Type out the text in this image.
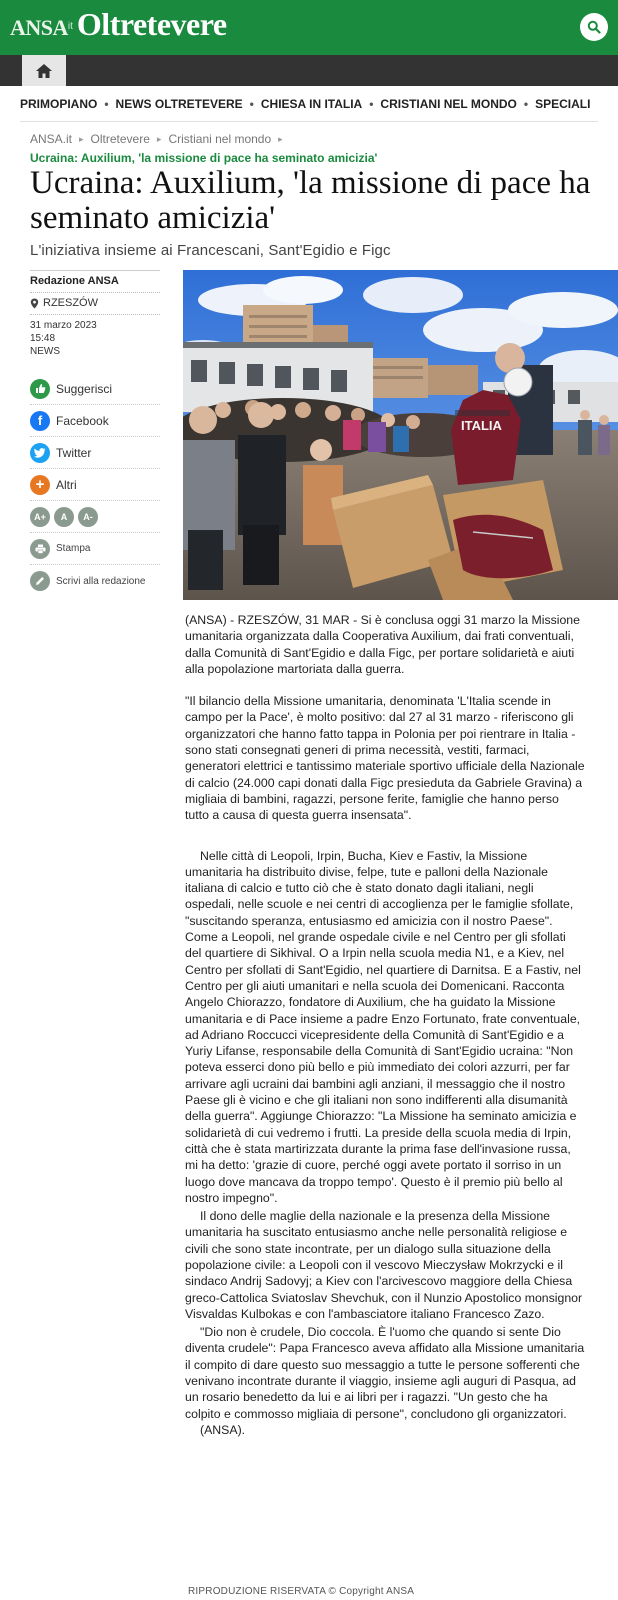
ANSA it Oltretevere
PRIMOPIANO • NEWS OLTRETEVERE • CHIESA IN ITALIA • CRISTIANI NEL MONDO • SPECIALI
ANSA.it ▸ Oltretevere ▸ Cristiani nel mondo ▸
Ucraina: Auxilium, 'la missione di pace ha seminato amicizia'
Ucraina: Auxilium, 'la missione di pace ha seminato amicizia'
L'iniziativa insieme ai Francescani, Sant'Egidio e Figc
Redazione ANSA
RZESZÓW
31 marzo 2023
15:48
NEWS
Suggerisci
f	Facebook
Twitter
+ Altri
A+	A	A-
Stampa
Scrivi alla redazione
ITALIA

(ANSA) - RZESZÓW, 31 MAR - Si è conclusa oggi 31 marzo la Missione umanitaria organizzata dalla Cooperativa Auxilium, dai frati conventuali, dalla Comunità di Sant'Egidio e dalla Figc, per portare solidarietà e aiuti alla popolazione martoriata dalla guerra.

"Il bilancio della Missione umanitaria, denominata 'L'Italia scende in campo per la Pace', è molto positivo: dal 27 al 31 marzo - riferiscono gli organizzatori che hanno fatto tappa in Polonia per poi rientrare in Italia - sono stati consegnati generi di prima necessità, vestiti, farmaci, generatori elettrici e tantissimo materiale sportivo ufficiale della Nazionale di calcio (24.000 capi donati dalla Figc presieduta da Gabriele Gravina) a migliaia di bambini, ragazzi, persone ferite, famiglie che hanno perso tutto a causa di questa guerra insensata".

Nelle città di Leopoli, Irpin, Bucha, Kiev e Fastiv, la Missione umanitaria ha distribuito divise, felpe, tute e palloni della Nazionale italiana di calcio e tutto ciò che è stato donato dagli italiani, negli ospedali, nelle scuole e nei centri di accoglienza per le famiglie sfollate, "suscitando speranza, entusiasmo ed amicizia con il nostro Paese". Come a Leopoli, nel grande ospedale civile e nel Centro per gli sfollati del quartiere di Sikhival. O a Irpin nella scuola media N1, e a Kiev, nel Centro per sfollati di Sant'Egidio, nel quartiere di Darnitsa. E a Fastiv, nel Centro per gli aiuti umanitari e nella scuola dei Domenicani. Racconta Angelo Chiorazzo, fondatore di Auxilium, che ha guidato la Missione umanitaria e di Pace insieme a padre Enzo Fortunato, frate conventuale, ad Adriano Roccucci vicepresidente della Comunità di Sant'Egidio e a Yuriy Lifanse, responsabile della Comunità di Sant'Egidio ucraina: "Non poteva esserci dono più bello e più immediato dei colori azzurri, per far arrivare agli ucraini dai bambini agli anziani, il messaggio che il nostro Paese gli è vicino e che gli italiani non sono indifferenti alla disumanità della guerra". Aggiunge Chiorazzo: "La Missione ha seminato amicizia e solidarietà di cui vedremo i frutti. La preside della scuola media di Irpin, città che è stata martirizzata durante la prima fase dell'invasione russa, mi ha detto: 'grazie di cuore, perché oggi avete portato il sorriso in un luogo dove mancava da troppo tempo'. Questo è il premio più bello al nostro impegno".

Il dono delle maglie della nazionale e la presenza della Missione umanitaria ha suscitato entusiasmo anche nelle personalità religiose e civili che sono state incontrate, per un dialogo sulla situazione della popolazione civile: a Leopoli con il vescovo Mieczysław Mokrzycki e il sindaco Andrij Sadovyj; a Kiev con l'arcivescovo maggiore della Chiesa greco-Cattolica Sviatoslav Shevchuk, con il Nunzio Apostolico monsignor Visvaldas Kulbokas e con l'ambasciatore italiano Francesco Zazo.

"Dio non è crudele, Dio coccola. È l'uomo che quando si sente Dio diventa crudele": Papa Francesco aveva affidato alla Missione umanitaria il compito di dare questo suo messaggio a tutte le persone sofferenti che venivano incontrate durante il viaggio, insieme agli auguri di Pasqua, ad un rosario benedetto da lui e ai libri per i ragazzi. "Un gesto che ha colpito e commosso migliaia di persone", concludono gli organizzatori.

(ANSA).

RIPRODUZIONE RISERVATA © Copyright ANSA
